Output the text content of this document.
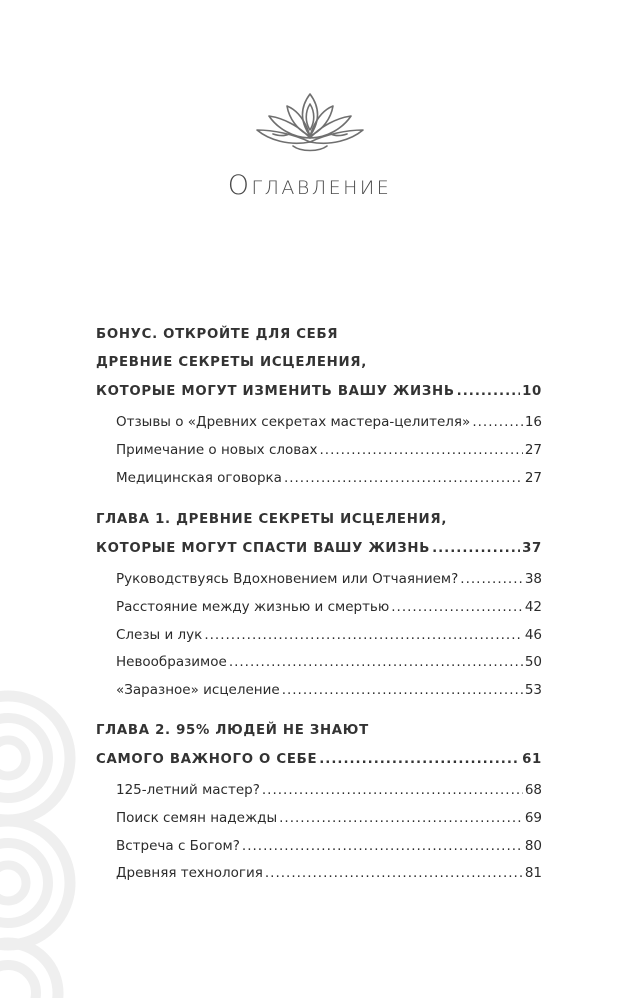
Оглавление
БОНУС. ОТКРОЙТЕ ДЛЯ СЕБЯ
ДРЕВНИЕ СЕКРЕТЫ ИСЦЕЛЕНИЯ,
КОТОРЫЕ МОГУТ ИЗМЕНИТЬ ВАШУ ЖИЗНЬ .....	10
Отзывы о «Древних секретах мастера-целителя» .....	16
Примечание о новых словах .....	27
Медицинская оговорка .....	27
ГЛАВА 1. ДРЕВНИЕ СЕКРЕТЫ ИСЦЕЛЕНИЯ,
КОТОРЫЕ МОГУТ СПАСТИ ВАШУ ЖИЗНЬ .....	37
Руководствуясь Вдохновением или Отчаянием? .....	38
Расстояние между жизнью и смертью .....	42
Слезы и лук .....	46
Невообразимое .....	50
«Заразное» исцеление .....	53
ГЛАВА 2. 95% ЛЮДЕЙ НЕ ЗНАЮТ
САМОГО ВАЖНОГО О СЕБЕ .....	61
125-летний мастер? .....	68
Поиск семян надежды .....	69
Встреча с Богом? .....	80
Древняя технология .....	81
